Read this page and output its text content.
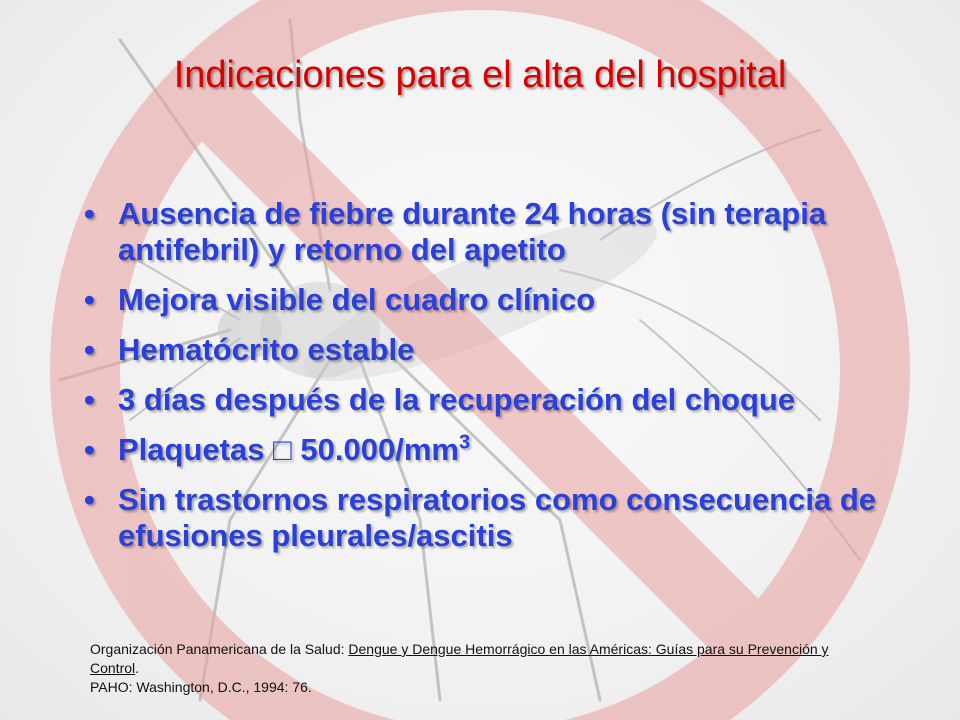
Indicaciones para el alta del hospital
• Ausencia de fiebre durante 24 horas (sin terapia antifebril) y retorno del apetito
• Mejora visible del cuadro clínico
• Hematócrito estable
• 3 días después de la recuperación del choque
• Plaquetas □ $50.000/mm^3$
• Sin trastornos respiratorios como consecuencia de efusiones pleurales/ascitis
Organización Panamericana de la Salud: Dengue y Dengue Hemorrágico en las Américas: Guías para su Prevención y Control.
PAHO: Washington, D.C., 1994: 76.
